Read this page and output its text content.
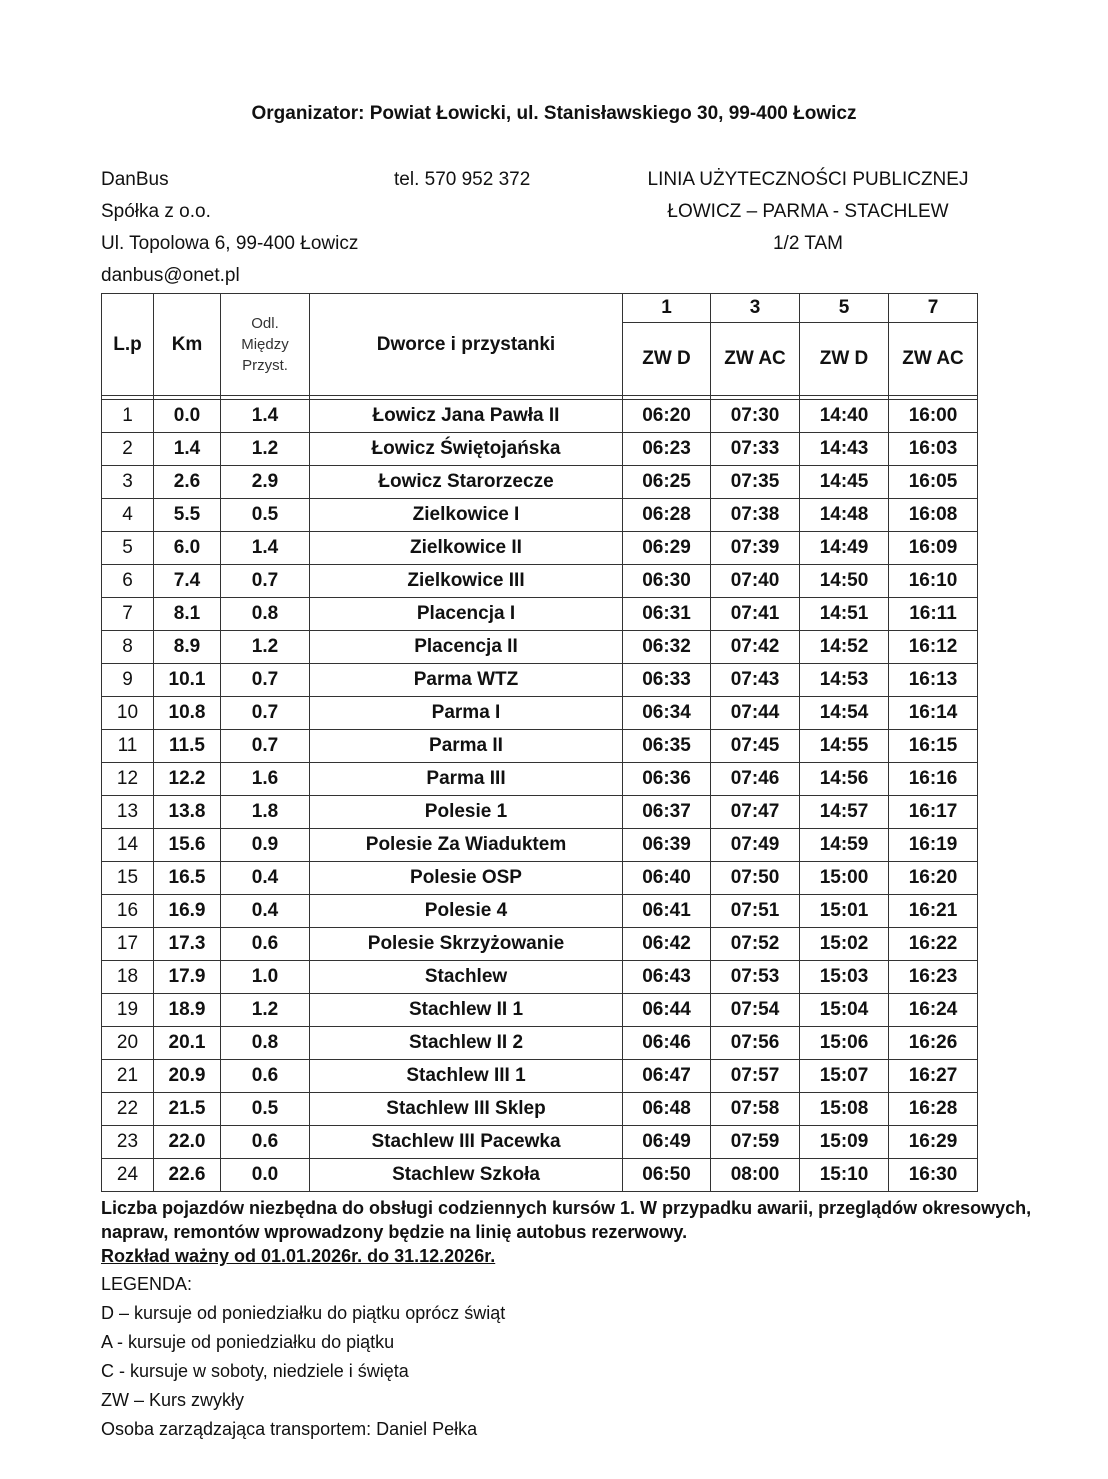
Organizator: Powiat Łowicki, ul. Stanisławskiego 30, 99-400 Łowicz
DanBus
Spółka z o.o.
Ul. Topolowa 6, 99-400 Łowicz
danbus@onet.pl
tel. 570 952 372	LINIA UŻYTECZNOŚCI PUBLICZNEJ
ŁOWICZ – PARMA - STACHLEW
1/2 TAM
L.p	Km	Odl.
Między
Przyst.	Dworce i przystanki	1	3	5	7
				ZW D	ZW AC	ZW D	ZW AC

1	0.0	1.4	Łowicz Jana Pawła II	06:20	07:30	14:40	16:00
2	1.4	1.2	Łowicz Świętojańska	06:23	07:33	14:43	16:03
3	2.6	2.9	Łowicz Starorzecze	06:25	07:35	14:45	16:05
4	5.5	0.5	Zielkowice I	06:28	07:38	14:48	16:08
5	6.0	1.4	Zielkowice II	06:29	07:39	14:49	16:09
6	7.4	0.7	Zielkowice III	06:30	07:40	14:50	16:10
7	8.1	0.8	Placencja I	06:31	07:41	14:51	16:11
8	8.9	1.2	Placencja II	06:32	07:42	14:52	16:12
9	10.1	0.7	Parma WTZ	06:33	07:43	14:53	16:13
10	10.8	0.7	Parma I	06:34	07:44	14:54	16:14
11	11.5	0.7	Parma II	06:35	07:45	14:55	16:15
12	12.2	1.6	Parma III	06:36	07:46	14:56	16:16
13	13.8	1.8	Polesie 1	06:37	07:47	14:57	16:17
14	15.6	0.9	Polesie Za Wiaduktem	06:39	07:49	14:59	16:19
15	16.5	0.4	Polesie OSP	06:40	07:50	15:00	16:20
16	16.9	0.4	Polesie 4	06:41	07:51	15:01	16:21
17	17.3	0.6	Polesie Skrzyżowanie	06:42	07:52	15:02	16:22
18	17.9	1.0	Stachlew	06:43	07:53	15:03	16:23
19	18.9	1.2	Stachlew II 1	06:44	07:54	15:04	16:24
20	20.1	0.8	Stachlew II 2	06:46	07:56	15:06	16:26
21	20.9	0.6	Stachlew III 1	06:47	07:57	15:07	16:27
22	21.5	0.5	Stachlew III Sklep	06:48	07:58	15:08	16:28
23	22.0	0.6	Stachlew III Pacewka	06:49	07:59	15:09	16:29
24	22.6	0.0	Stachlew Szkoła	06:50	08:00	15:10	16:30
Liczba pojazdów niezbędna do obsługi codziennych kursów 1. W przypadku awarii, przeglądów okresowych,
napraw, remontów wprowadzony będzie na linię autobus rezerwowy.
Rozkład ważny od 01.01.2026r. do 31.12.2026r.
LEGENDA:
D – kursuje od poniedziałku do piątku oprócz świąt
A - kursuje od poniedziałku do piątku
C - kursuje w soboty, niedziele i święta
ZW – Kurs zwykły
Osoba zarządzająca transportem: Daniel Pełka
